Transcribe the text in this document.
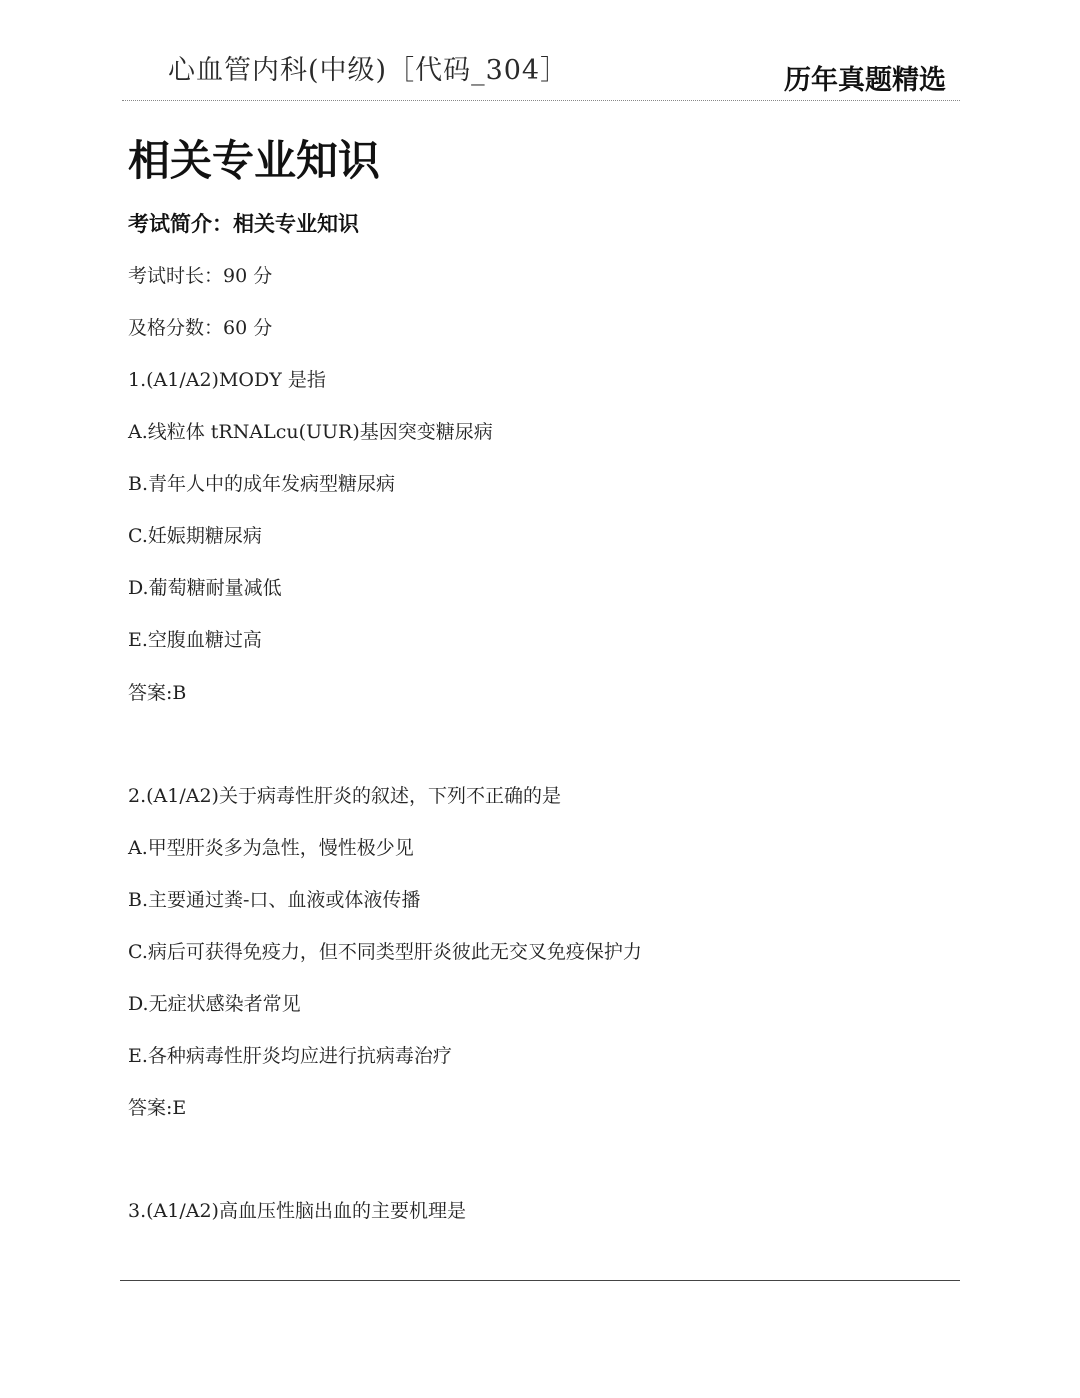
心血管内科(中级)［代码_304］	历年真题精选
相关专业知识
考试简介：相关专业知识
考试时长：90 分
及格分数：60 分
1.(A1/A2)MODY 是指
A.线粒体 tRNALcu(UUR)基因突变糖尿病
B.青年人中的成年发病型糖尿病
C.妊娠期糖尿病
D.葡萄糖耐量减低
E.空腹血糖过高
答案:B
2.(A1/A2)关于病毒性肝炎的叙述，下列不正确的是
A.甲型肝炎多为急性，慢性极少见
B.主要通过粪-口、血液或体液传播
C.病后可获得免疫力，但不同类型肝炎彼此无交叉免疫保护力
D.无症状感染者常见
E.各种病毒性肝炎均应进行抗病毒治疗
答案:E
3.(A1/A2)高血压性脑出血的主要机理是
